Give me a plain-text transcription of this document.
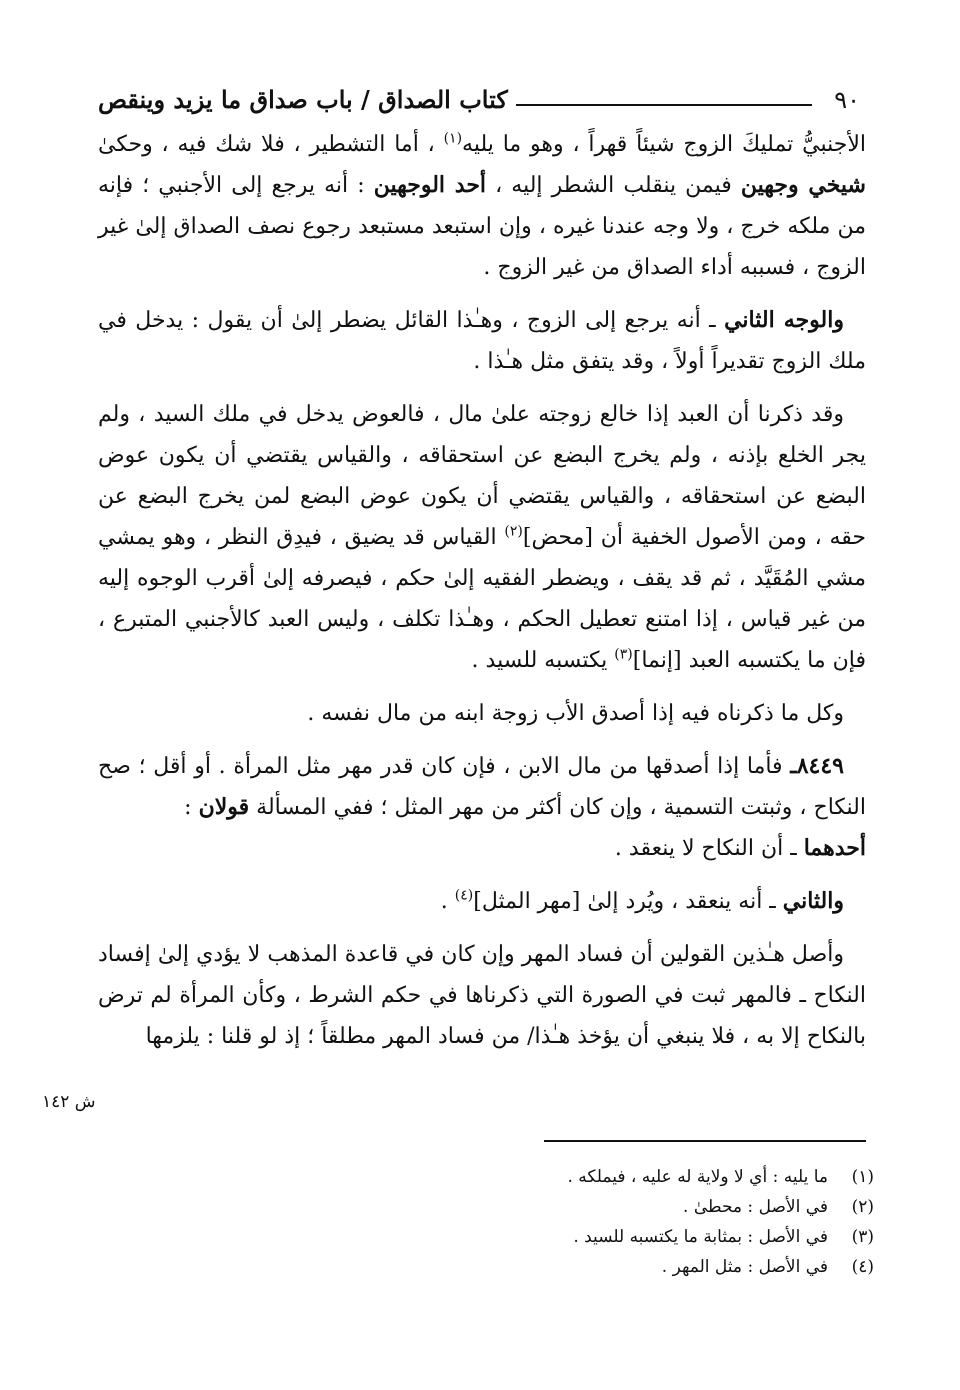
٩٠
كتاب الصداق / باب صداق ما يزيد وينقص

الأجنبيُّ تمليكَ الزوج شيئاً قهراً ، وهو ما يليه$^{(١)}$ ، أما التشطير ، فلا شك فيه ، وحكىٰ شيخي وجهين فيمن ينقلب الشطر إليه ، أحد الوجهين : أنه يرجع إلى الأجنبي ؛ فإنه من ملكه خرج ، ولا وجه عندنا غيره ، وإن استبعد مستبعد رجوع نصف الصداق إلىٰ غير الزوج ، فسببه أداء الصداق من غير الزوج .

والوجه الثاني ـ أنه يرجع إلى الزوج ، وهـٰذا القائل يضطر إلىٰ أن يقول : يدخل في ملك الزوج تقديراً أولاً ، وقد يتفق مثل هـٰذا .

وقد ذكرنا أن العبد إذا خالع زوجته علىٰ مال ، فالعوض يدخل في ملك السيد ، ولم يجر الخلع بإذنه ، ولم يخرج البضع عن استحقاقه ، والقياس يقتضي أن يكون عوض البضع عن استحقاقه ، والقياس يقتضي أن يكون عوض البضع لمن يخرج البضع عن حقه ، ومن الأصول الخفية أن [محض]$^{(٢)}$ القياس قد يضيق ، فيدِق النظر ، وهو يمشي مشي المُقَيَّد ، ثم قد يقف ، ويضطر الفقيه إلىٰ حكم ، فيصرفه إلىٰ أقرب الوجوه إليه من غير قياس ، إذا امتنع تعطيل الحكم ، وهـٰذا تكلف ، وليس العبد كالأجنبي المتبرع ، فإن ما يكتسبه العبد [إنما]$^{(٣)}$ يكتسبه للسيد .

وكل ما ذكرناه فيه إذا أصدق الأب زوجة ابنه من مال نفسه .

٨٤٤٩ـ فأما إذا أصدقها من مال الابن ، فإن كان قدر مهر مثل المرأة . أو أقل ؛ صح النكاح ، وثبتت التسمية ، وإن كان أكثر من مهر المثل ؛ ففي المسألة قولان :
أحدهما ـ أن النكاح لا ينعقد .

والثاني ـ أنه ينعقد ، ويُرد إلىٰ [مهر المثل]$^{(٤)}$ .

وأصل هـٰذين القولين أن فساد المهر وإن كان في قاعدة المذهب لا يؤدي إلىٰ إفساد النكاح ـ فالمهر ثبت في الصورة التي ذكرناها في حكم الشرط ، وكأن المرأة لم ترض بالنكاح إلا به ، فلا ينبغي أن يؤخذ هـٰذا/ من فساد المهر مطلقاً ؛ إذ لو قلنا : يلزمها

ش ١٤٢
(١)
ما يليه : أي لا ولاية له عليه ، فيملكه .
(٢)
في الأصل : محطىٰ .
(٣)
في الأصل : بمثابة ما يكتسبه للسيد .
(٤)
في الأصل : مثل المهر .
